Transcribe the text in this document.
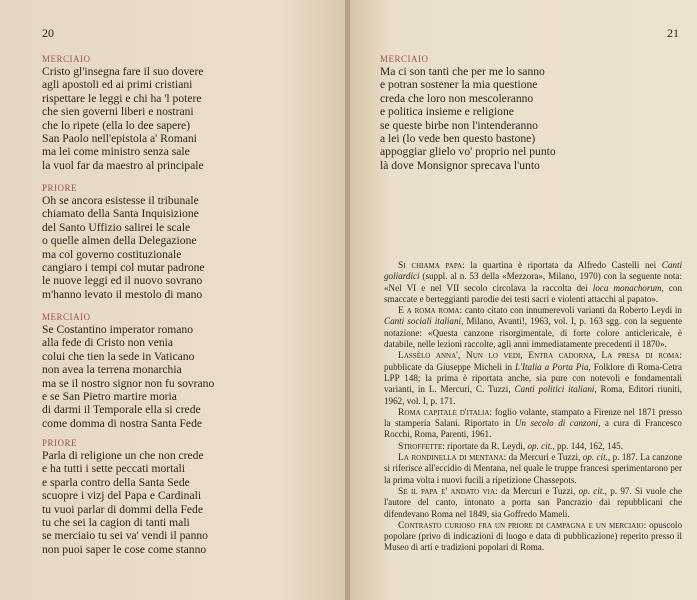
20

MERCIAIO

Cristo gl'insegna fare il suo dovere

agli apostoli ed ai primi cristiani

rispettare le leggi e chi ha 'l potere

che sien governi liberi e nostrani

che lo ripete (ella lo dee sapere)

San Paolo nell'epistola a' Romani

ma lei come ministro senza sale

la vuol far da maestro al principale

PRIORE

Oh se ancora esistesse il tribunale

chiamato della Santa Inquisizione

del Santo Uffizio salirei le scale

o quelle almen della Delegazione

ma col governo costituzionale

cangiaro i tempi col mutar padrone

le nuove leggi ed il nuovo sovrano

m'hanno levato il mestolo di mano

MERCIAIO

Se Costantino imperator romano

alla fede di Cristo non venia

colui che tien la sede in Vaticano

non avea la terrena monarchia

ma se il nostro signor non fu sovrano

e se San Pietro martire moria

di darmi il Temporale ella si crede

come domma di nostra Santa Fede

PRIORE

Parla di religione un che non crede

e ha tutti i sette peccati mortali

e sparla contro della Santa Sede

scuopre i vizj del Papa e Cardinali

tu vuoi parlar di dommi della Fede

tu che sei la cagion di tanti mali

se merciaio tu sei va' vendi il panno

non puoi saper le cose come stanno

21

MERCIAIO

Ma ci son tanti che per me lo sanno

e potran sostener la mia questione

creda che loro non mescoleranno

e politica insieme e religione

se queste birbe non l'intenderanno

a lei (lo vede ben questo bastone)

appoggiar glielo vo' proprio nel punto

là dove Monsignor sprecava l'unto

Si chiama papa: la quartina è riportata da Alfredo Castelli nei Canti goliardici (suppl. al n. 53 della «Mezzora», Milano, 1970) con la seguente nota: «Nel VI e nel VII secolo circolava la raccolta dei loca monachorum, con smaccate e berteggianti parodie dei testi sacri e violenti attacchi al papato».

E a roma roma: canto citato con innumerevoli varianti da Roberto Leydi in Canti sociali italiani, Milano, Avanti!, 1963, vol. I, p. 163 sgg. con la seguente notazione: «Questa canzone risorgimentale, di forte colore anticlericale, è databile, nelle lezioni raccolte, agli anni immediatamente precedenti il 1870».

Lassèlo anna', Nun lo vedi, Entra cadorna, La presa di roma: pubblicate da Giuseppe Micheli in L'Italia a Porta Pia, Folklore di Roma-Cetra LPP 148; la prima è riportata anche, sia pure con notevoli e fondamentali varianti, in L. Mercuri, C. Tuzzi, Canti politici italiani, Roma, Editori riuniti, 1962, vol. I, p. 171.

Roma capitale d'italia: foglio volante, stampato a Firenze nel 1871 presso la stamperia Salani. Riportato in Un secolo di canzoni, a cura di Francesco Rocchi, Roma, Parenti, 1961.

Stroffette: riportate da R. Leydi, op. cit., pp. 144, 162, 145.

La rondinella di mentana: da Mercuri e Tuzzi, op. cit., p. 187. La canzone si riferisce all'eccidio di Mentana, nel quale le truppe francesi sperimentarono per la prima volta i nuovi fucili a ripetizione Chassepots.

Se il papa e' andato via: da Mercuri e Tuzzi, op. cit., p. 97. Si vuole che l'autore del canto, intonato a porta san Pancrazio dai repubblicani che difendevano Roma nel 1849, sia Goffredo Mameli.

Contrasto curioso fra un priore di campagna e un merciaio: opuscolo popolare (privo di indicazioni di luogo e data di pubblicazione) reperito presso il Museo di arti e tradizioni popolari di Roma.
